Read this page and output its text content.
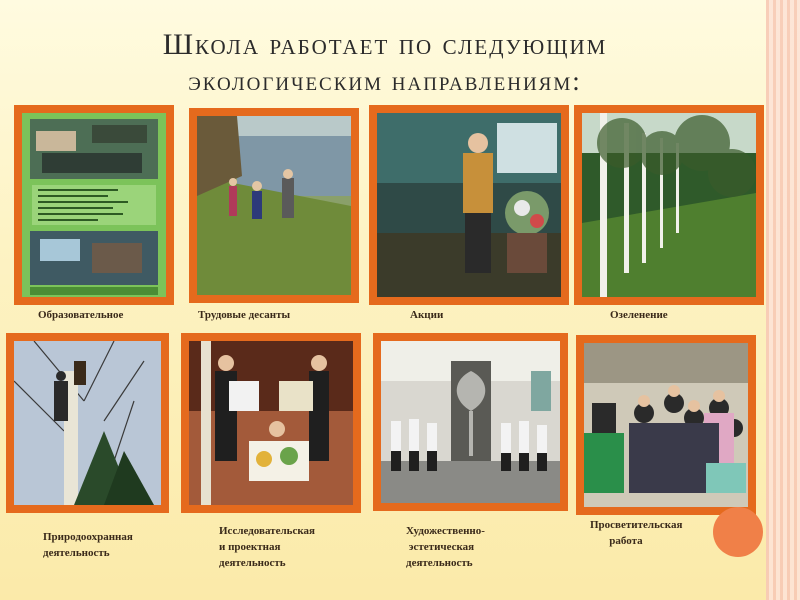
Школа работает по следующим
экологическим направлениям:
Образовательное	Трудовые десанты	Акции	Озеленение
Природоохранная
деятельность
Исследовательская
и проектная
деятельность
Художественно-
эстетическая
деятельность
Просветительская
работа
